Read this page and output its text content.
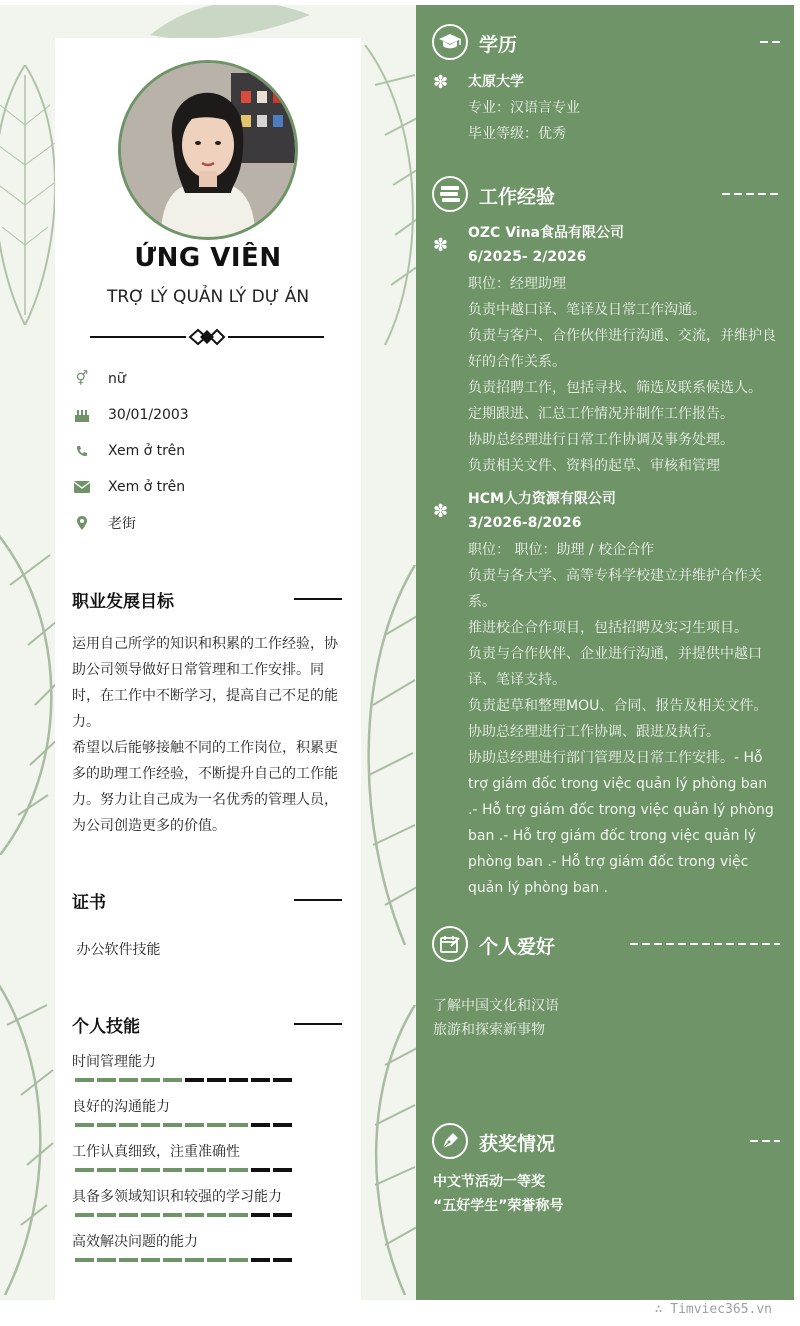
ỨNG VIÊN
TRỢ LÝ QUẢN LÝ DỰ ÁN
⚥ nữ
30/01/2003
Xem ở trên
Xem ở trên
老街
职业发展目标
运用自己所学的知识和积累的工作经验，协助公司领导做好日常管理和工作安排。同时，在工作中不断学习，提高自己不足的能力。
希望以后能够接触不同的工作岗位，积累更多的助理工作经验，不断提升自己的工作能力。努力让自己成为一名优秀的管理人员，为公司创造更多的价值。
证书
办公软件技能
个人技能
时间管理能力
良好的沟通能力
工作认真细致，注重准确性
具备多领域知识和较强的学习能力
高效解决问题的能力
学历
✽ 太原大学
专业：汉语言专业
毕业等级：优秀
工作经验
✽
OZC Vina食品有限公司
6/2025- 2/2026
职位：经理助理
负责中越口译、笔译及日常工作沟通。
负责与客户、合作伙伴进行沟通、交流，并维护良好的合作关系。
负责招聘工作，包括寻找、筛选及联系候选人。
定期跟进、汇总工作情况并制作工作报告。
协助总经理进行日常工作协调及事务处理。
负责相关文件、资料的起草、审核和管理
✽
HCM人力资源有限公司
3/2026-8/2026
职位： 职位：助理 / 校企合作
负责与各大学、高等专科学校建立并维护合作关系。
推进校企合作项目，包括招聘及实习生项目。
负责与合作伙伴、企业进行沟通，并提供中越口译、笔译支持。
负责起草和整理MOU、合同、报告及相关文件。
协助总经理进行工作协调、跟进及执行。
协助总经理进行部门管理及日常工作安排。- Hỗ trợ giám đốc trong việc quản lý phòng ban .- Hỗ trợ giám đốc trong việc quản lý phòng ban .- Hỗ trợ giám đốc trong việc quản lý phòng ban .- Hỗ trợ giám đốc trong việc quản lý phòng ban .
个人爱好
了解中国文化和汉语
旅游和探索新事物
获奖情况
中文节活动一等奖
“五好学生”荣誉称号
∴ Timviec365.vn
